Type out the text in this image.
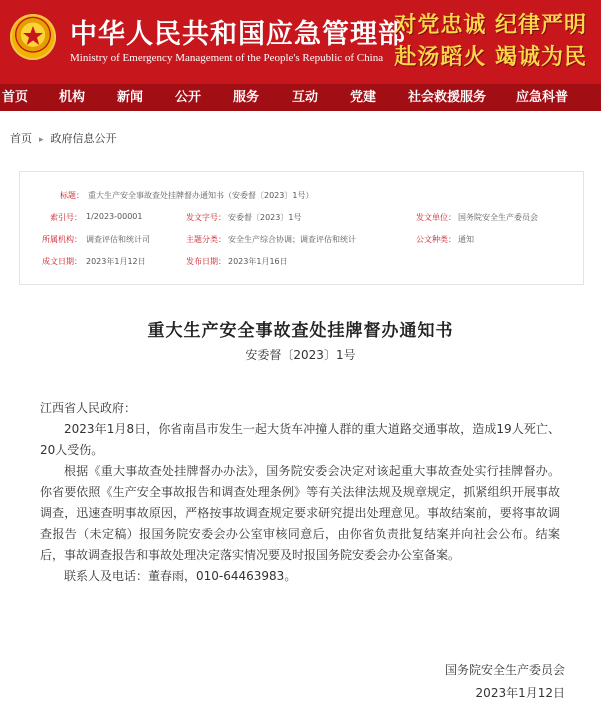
中华人民共和国应急管理部
Ministry of Emergency Management of the People's Republic of China
对党忠诚 纪律严明
赴汤蹈火 竭诚为民
首页 机构 新闻 公开 服务	互动 党建 社会救援服务 应急科普
首页 ▸ 政府信息公开
标题： 重大生产安全事故查处挂牌督办通知书（安委督〔2023〕1号）
索引号： 1/2023-00001	发文字号： 安委督〔2023〕1号	发文单位： 国务院安全生产委员会
所属机构： 调查评估和统计司	主题分类： 安全生产综合协调；调查评估和统计	公文种类： 通知
成文日期： 2023年1月12日	发布日期： 2023年1月16日
重大生产安全事故查处挂牌督办通知书
安委督〔2023〕1号

江西省人民政府：

2023年1月8日，你省南昌市发生一起大货车冲撞人群的重大道路交通事故，造成19人死亡、20人受伤。

根据《重大事故查处挂牌督办办法》，国务院安委会决定对该起重大事故查处实行挂牌督办。你省要依照《生产安全事故报告和调查处理条例》等有关法律法规及规章规定，抓紧组织开展事故调查，迅速查明事故原因，严格按事故调查规定要求研究提出处理意见。事故结案前，要将事故调查报告（未定稿）报国务院安委会办公室审核同意后，由你省负责批复结案并向社会公布。结案后，事故调查报告和事故处理决定落实情况要及时报国务院安委会办公室备案。

联系人及电话：董春雨，010-64463983。

国务院安全生产委员会
2023年1月12日
